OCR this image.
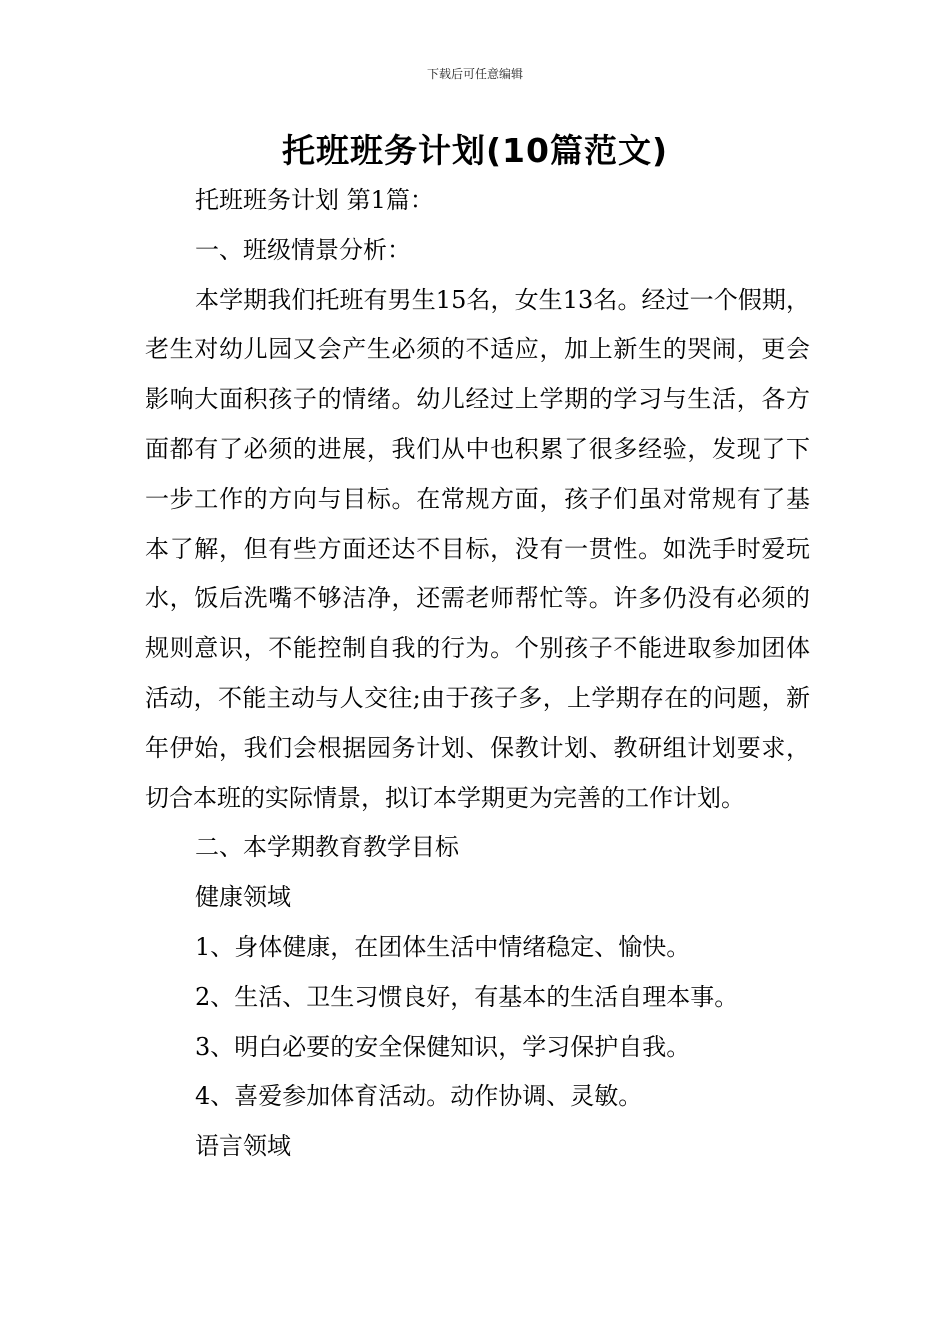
下载后可任意编辑
托班班务计划(10篇范文)

托班班务计划 第1篇：

一、班级情景分析：

本学期我们托班有男生15名，女生13名。经过一个假期，老生对幼儿园又会产生必须的不适应，加上新生的哭闹，更会影响大面积孩子的情绪。幼儿经过上学期的学习与生活，各方面都有了必须的进展，我们从中也积累了很多经验，发现了下一步工作的方向与目标。在常规方面，孩子们虽对常规有了基本了解，但有些方面还达不目标，没有一贯性。如洗手时爱玩水，饭后洗嘴不够洁净，还需老师帮忙等。许多仍没有必须的规则意识，不能控制自我的行为。个别孩子不能进取参加团体活动，不能主动与人交往;由于孩子多，上学期存在的问题，新年伊始，我们会根据园务计划、保教计划、教研组计划要求，切合本班的实际情景，拟订本学期更为完善的工作计划。

二、本学期教育教学目标

健康领域

1、身体健康，在团体生活中情绪稳定、愉快。

2、生活、卫生习惯良好，有基本的生活自理本事。

3、明白必要的安全保健知识，学习保护自我。

4、喜爱参加体育活动。动作协调、灵敏。

语言领域
